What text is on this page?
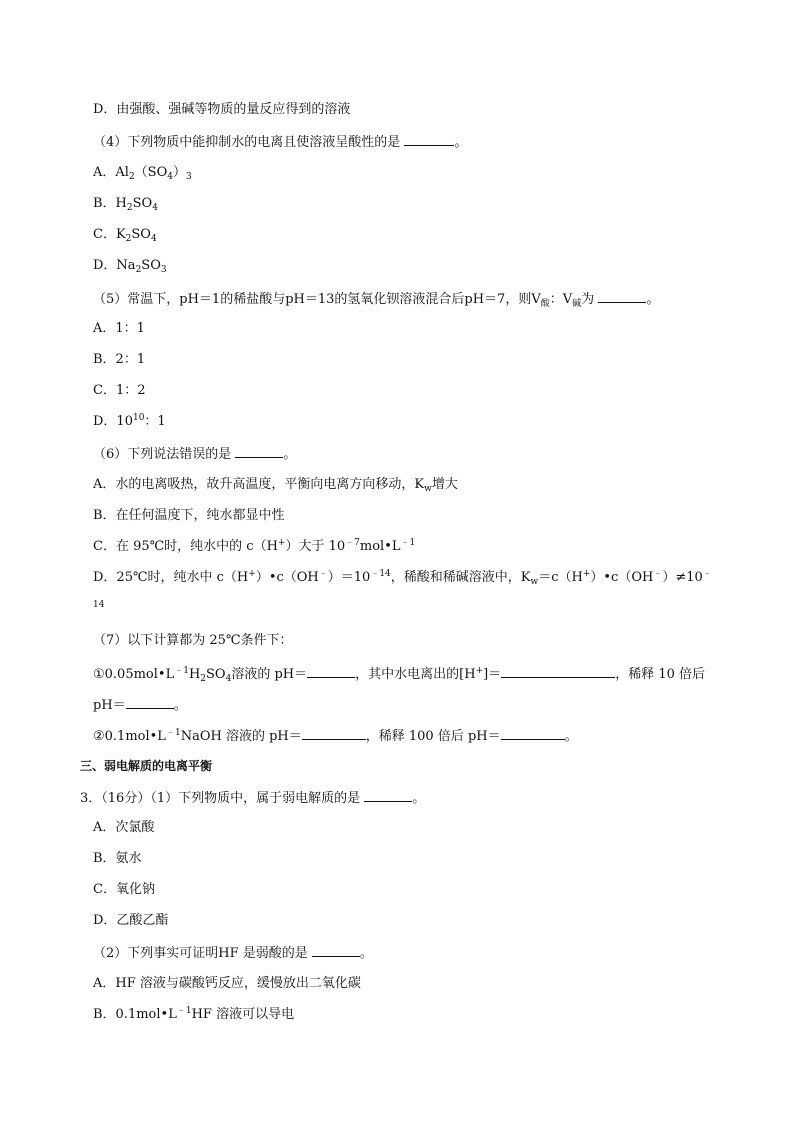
D．由强酸、强碱等物质的量反应得到的溶液
（4）下列物质中能抑制水的电离且使溶液呈酸性的是	。
A．$Al_2(SO_4)_3$
B．$H_2SO_4$
C．$K_2SO_4$
D．$Na_2SO_3$
（5）常温下，pH＝1的稀盐酸与pH＝13的氢氧化钡溶液混合后pH＝7，则$V_酸$：$V_碱$为	。
A．1：1
B．2：1
C．1：2
D．$10^{10}$：1
（6）下列说法错误的是	。
A．水的电离吸热，故升高温度，平衡向电离方向移动，$K_w$增大
B．在任何温度下，纯水都显中性
C．在 95℃时，纯水中的 c（H+）大于 $10^{﹣7}mol•L^{﹣1}$
D．25℃时，纯水中 $c(H^+)•c(OH^﹣)=10^{﹣14}$，稀酸和稀碱溶液中，$K_w=c(H^+)•c(OH^﹣)\ne 10^﹣$
14
（7）以下计算都为 25℃条件下：
$①0.05mol•L^{﹣1}H_2SO_4$溶液的 pH＝	，其中水电离出的[H+]＝	，稀释 10 倍后
pH＝	。
$②0.1mol•L^{﹣1}NaOH$ 溶液的 pH＝	，稀释 100 倍后 pH＝	。
三、弱电解质的电离平衡
3．（16分）（1）下列物质中，属于弱电解质的是	。
A．次氯酸
B．氨水
C．氧化钠
D．乙酸乙酯
（2）下列事实可证明HF 是弱酸的是	。
A．HF 溶液与碳酸钙反应，缓慢放出二氧化碳
B．$0.1mol•L^{﹣1}HF$ 溶液可以导电
